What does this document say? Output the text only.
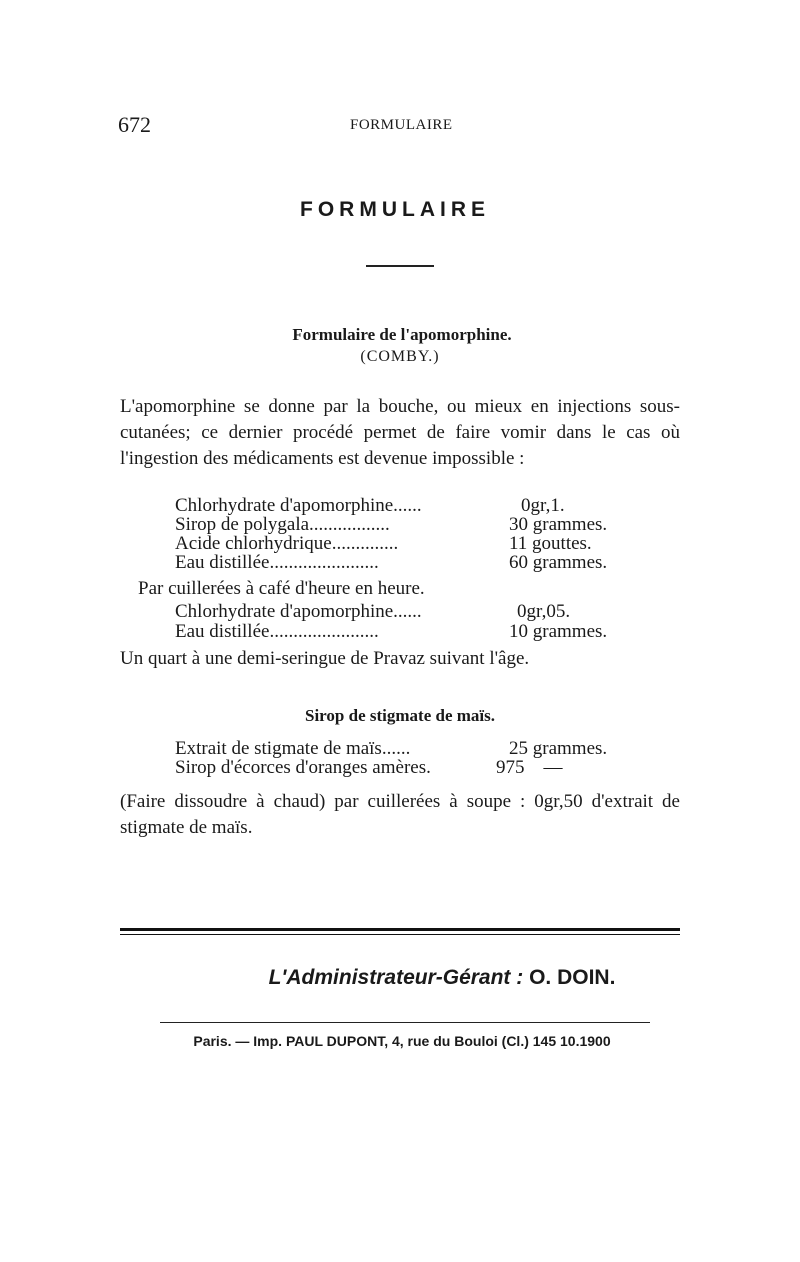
672	FORMULAIRE
FORMULAIRE
Formulaire de l'apomorphine.
(COMBY.)
L'apomorphine se donne par la bouche, ou mieux en injections sous-cutanées; ce dernier procédé permet de faire vomir dans le cas où l'ingestion des médicaments est devenue impossible :
Chlorhydrate d'apomorphine......	0gr,1.
Sirop de polygala.................	30 grammes.
Acide chlorhydrique..............	11 gouttes.
Eau distillée.......................	60 grammes.
Par cuillerées à café d'heure en heure.
Chlorhydrate d'apomorphine......	0gr,05.
Eau distillée.......................	10 grammes.
Un quart à une demi-seringue de Pravaz suivant l'âge.
Sirop de stigmate de maïs.
Extrait de stigmate de maïs......	25 grammes.
Sirop d'écorces d'oranges amères.	975    —
(Faire dissoudre à chaud) par cuillerées à soupe : 0gr,50 d'extrait de stigmate de maïs.
L'Administrateur-Gérant : O. DOIN.
Paris. — Imp. PAUL DUPONT, 4, rue du Bouloi (Cl.) 145 10.1900
